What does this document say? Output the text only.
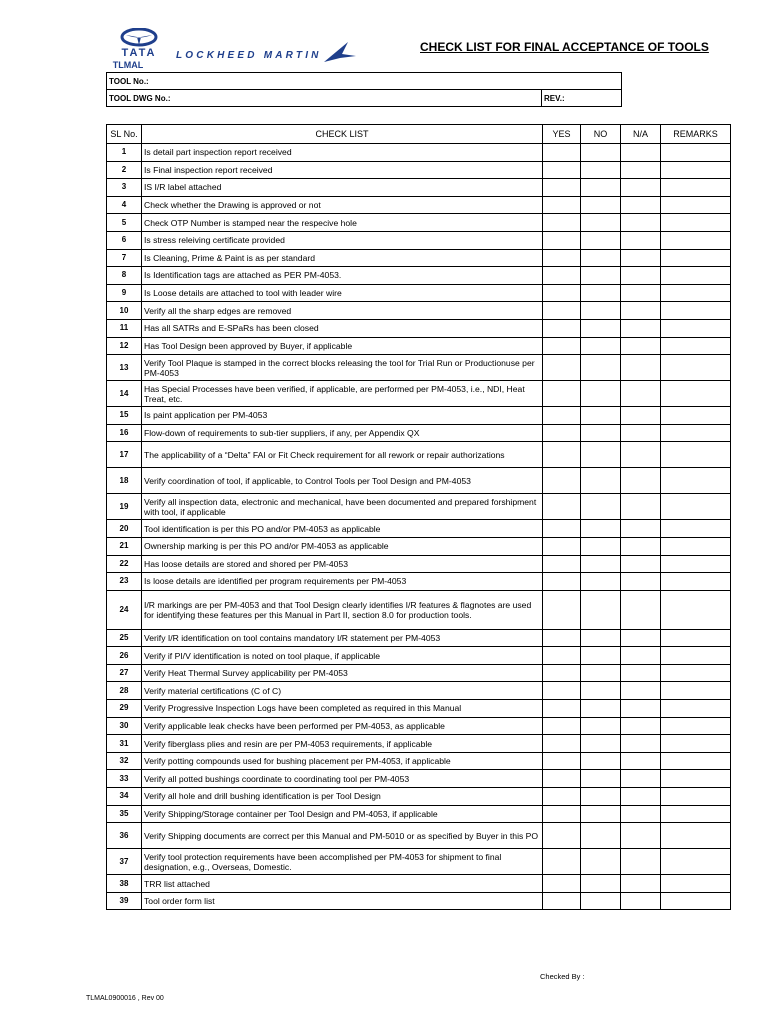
TATA
TLMAL
LOCKHEED MARTIN
CHECK LIST FOR FINAL ACCEPTANCE OF TOOLS
TOOL No.:
TOOL DWG No.:	REV.:
SL No.	CHECK LIST	YES	NO	N/A	REMARKS
1	Is detail part inspection report received				
2	Is Final inspection report received				
3	IS I/R label attached				
4	Check whether the Drawing is approved or not				
5	Check OTP Number is stamped near the respecive hole				
6	Is stress releiving certificate provided				
7	Is Cleaning, Prime & Paint is as per standard				
8	Is Identification tags are attached as PER PM-4053.				
9	Is Loose details are attached to tool with leader wire				
10	Verify all the sharp edges are removed				
11	Has all SATRs and E-SPaRs has been closed				
12	Has Tool Design been approved by Buyer, if applicable				
13	Verify Tool Plaque is stamped in the correct blocks releasing the tool for Trial Run or Productionuse per PM-4053				
14	Has Special Processes have been verified, if applicable, are performed per PM-4053, i.e., NDI, Heat Treat, etc.				
15	Is paint application per PM-4053				
16	Flow-down of requirements to sub-tier suppliers, if any, per Appendix QX				
17	The applicability of a “Delta” FAI or Fit Check requirement for all rework or repair authorizations				
18	Verify coordination of tool, if applicable, to Control Tools per Tool Design and PM-4053				
19	Verify all inspection data, electronic and mechanical, have been documented and prepared forshipment with tool, if applicable				
20	Tool identification is per this PO and/or PM-4053 as applicable				
21	Ownership marking is per this PO and/or PM-4053 as applicable				
22	Has loose details are stored and shored per PM-4053				
23	Is loose details are identified per program requirements per PM-4053				
24	I/R markings are per PM-4053 and that Tool Design clearly identifies I/R features & flagnotes are used for identifying these features per this Manual in Part II, section 8.0 for production tools.				
25	Verify I/R identification on tool contains mandatory I/R statement per PM-4053				
26	Verify if PI/V identification is noted on tool plaque, if applicable				
27	Verify Heat Thermal Survey applicability per PM-4053				
28	Verify material certifications (C of C)				
29	Verify Progressive Inspection Logs have been completed as required in this Manual				
30	Verify applicable leak checks have been performed per PM-4053, as applicable				
31	Verify fiberglass plies and resin are per PM-4053 requirements, if applicable				
32	Verify potting compounds used for bushing placement per PM-4053, if applicable				
33	Verify all potted bushings coordinate to coordinating tool per PM-4053				
34	Verify all hole and drill bushing identification is per Tool Design				
35	Verify Shipping/Storage container per Tool Design and PM-4053, if applicable				
36	Verify Shipping documents are correct per this Manual and PM-5010 or as specified by Buyer in this PO				
37	Verify tool protection requirements have been accomplished per PM-4053 for shipment to final designation, e.g., Overseas, Domestic.				
38	TRR list attached				
39	Tool order form list				
Checked By :
TLMAL0900016 , Rev 00
